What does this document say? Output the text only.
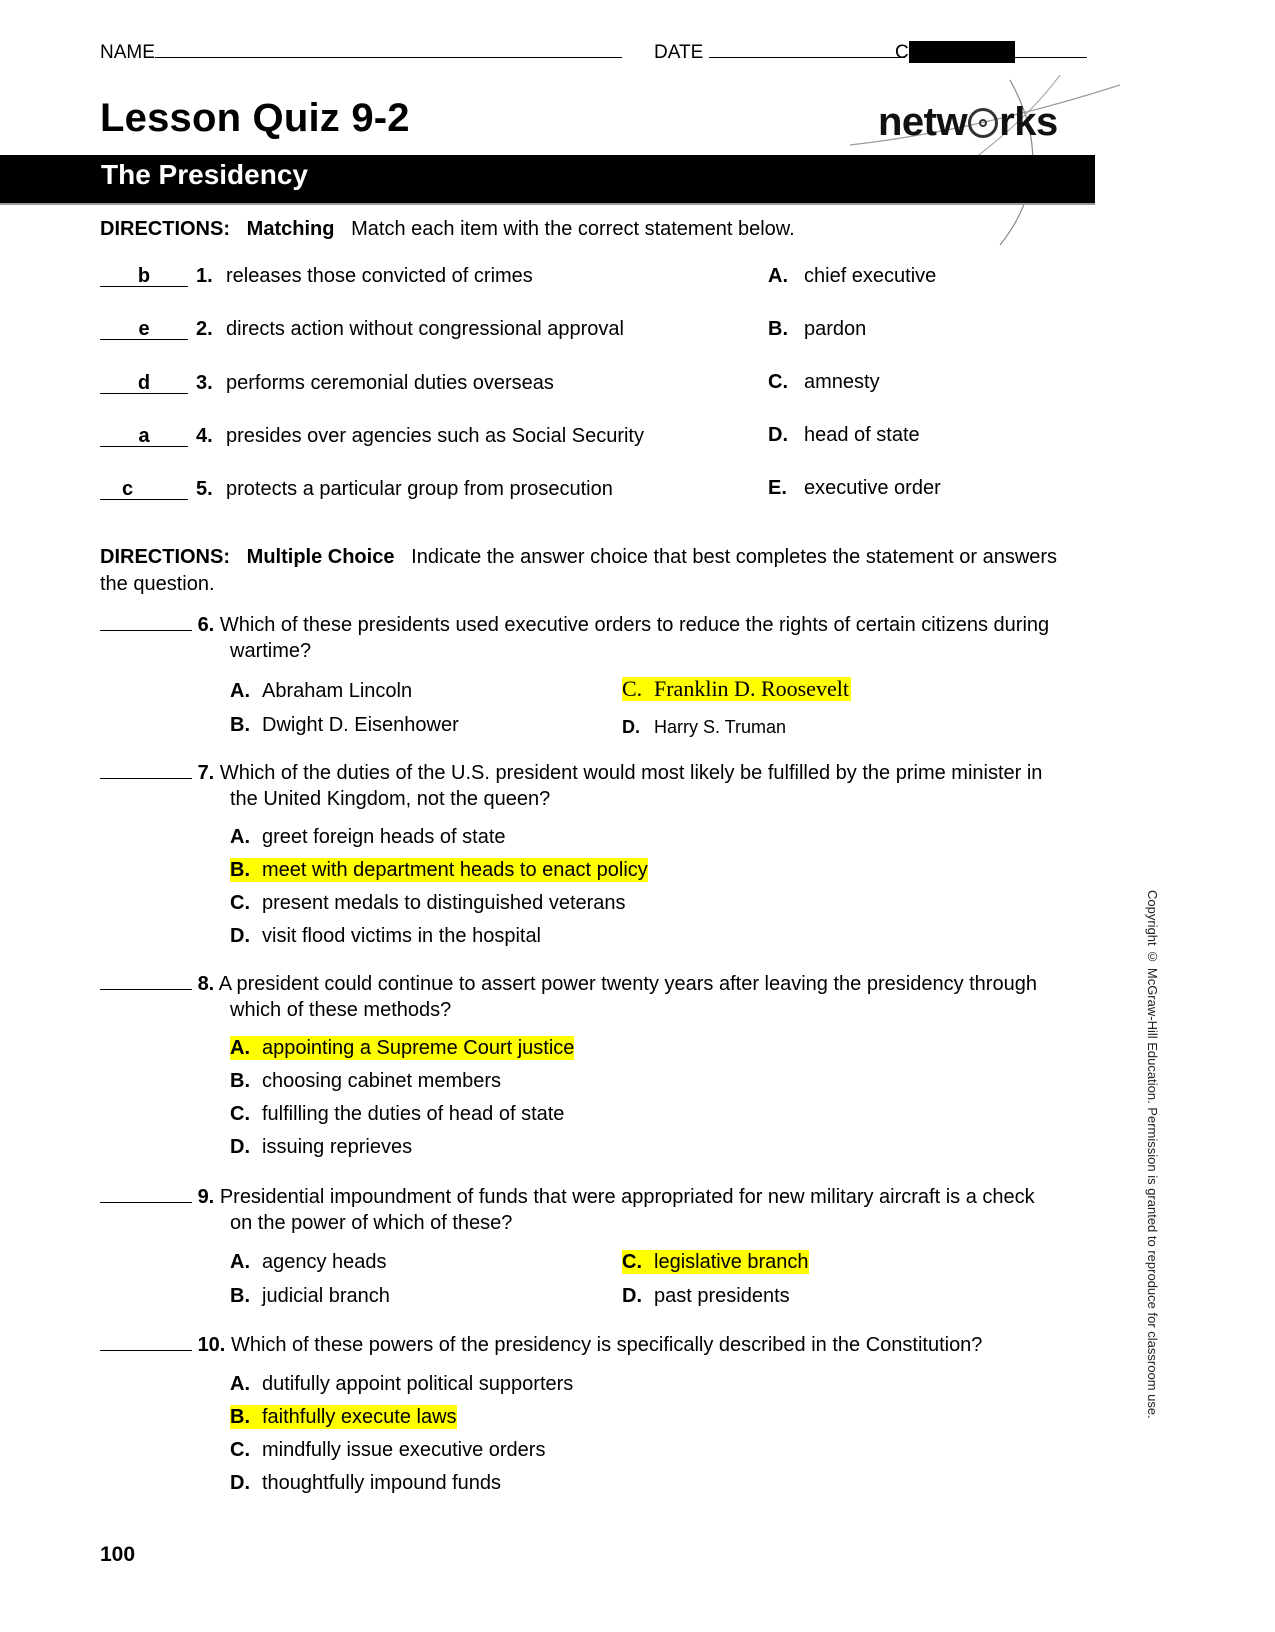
NAME	DATE	C
Lesson Quiz 9-2	netw rks
The Presidency
DIRECTIONS: Matching Match each item with the correct statement below.
b 1. releases those convicted of crimes
e 2. directs action without congressional approval
d 3. performs ceremonial duties overseas
a 4. presides over agencies such as Social Security
c	5. protects a particular group from prosecution
A. chief executive
B. pardon
C. amnesty
D. head of state
E. executive order
DIRECTIONS: Multiple Choice Indicate the answer choice that best completes the statement or answers the question.
6. Which of these presidents used executive orders to reduce the rights of certain citizens during
wartime?
A. Abraham Lincoln
B. Dwight D. Eisenhower
C. Franklin D. Roosevelt
D. Harry S. Truman
7. Which of the duties of the U.S. president would most likely be fulfilled by the prime minister in
the United Kingdom, not the queen?
A. greet foreign heads of state
B. meet with department heads to enact policy
C. present medals to distinguished veterans
D. visit flood victims in the hospital
8. A president could continue to assert power twenty years after leaving the presidency through
which of these methods?
A. appointing a Supreme Court justice
B. choosing cabinet members
C. fulfilling the duties of head of state
D. issuing reprieves
9. Presidential impoundment of funds that were appropriated for new military aircraft is a check
on the power of which of these?
A. agency heads
B. judicial branch
C. legislative branch
D. past presidents
10. Which of these powers of the presidency is specifically described in the Constitution?
A. dutifully appoint political supporters
B. faithfully execute laws
C. mindfully issue executive orders
D. thoughtfully impound funds
100
Copyright © McGraw-Hill Education. Permission is granted to reproduce for classroom use.
